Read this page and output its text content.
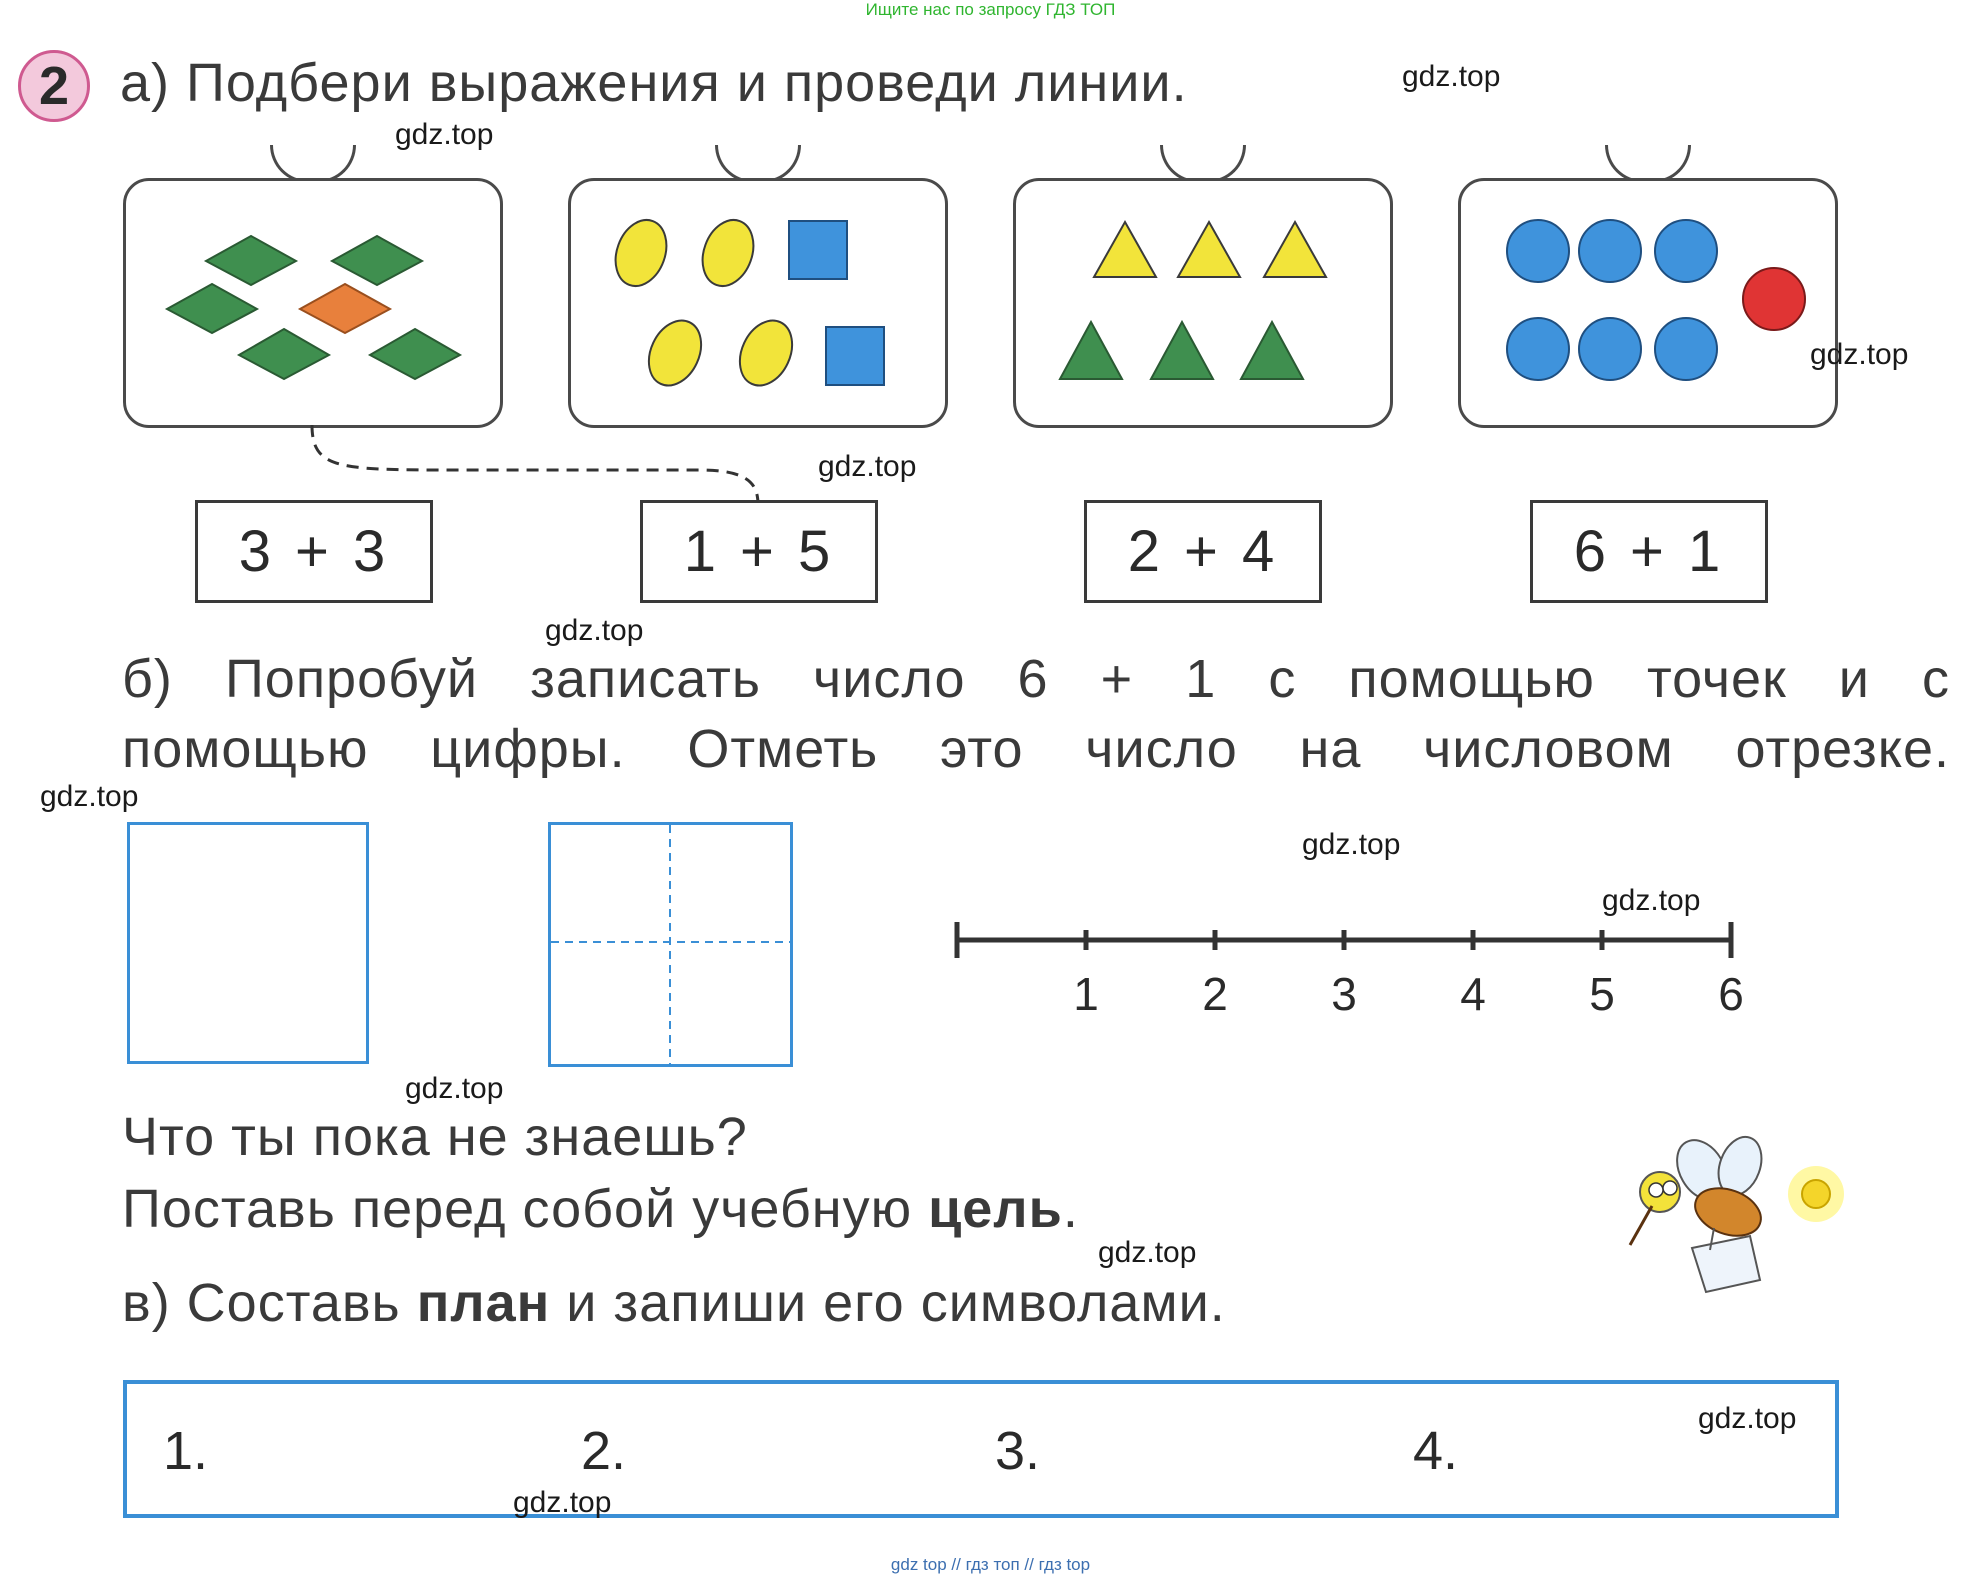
Ищите нас по запросу ГДЗ ТОП
2 а) Подбери выражения и проведи линии.
3 + 3	1 + 5	2 + 4	6 + 1
б) Попробуй записать число 6 + 1 с помощью точек и с
помощью цифры. Отметь это число на числовом отрезке.
1 2 3 4 5 6
Что ты пока не знаешь?
Поставь перед собой учебную цель.
в) Составь план и запиши его символами.
1.	2.	3.	4.
gdz.top
gdz.top
gdz.top
gdz.top
gdz.top
gdz.top
gdz.top
gdz.top
gdz.top
gdz.top
gdz.top
gdz.top
gdz top // гдз топ // гдз top
